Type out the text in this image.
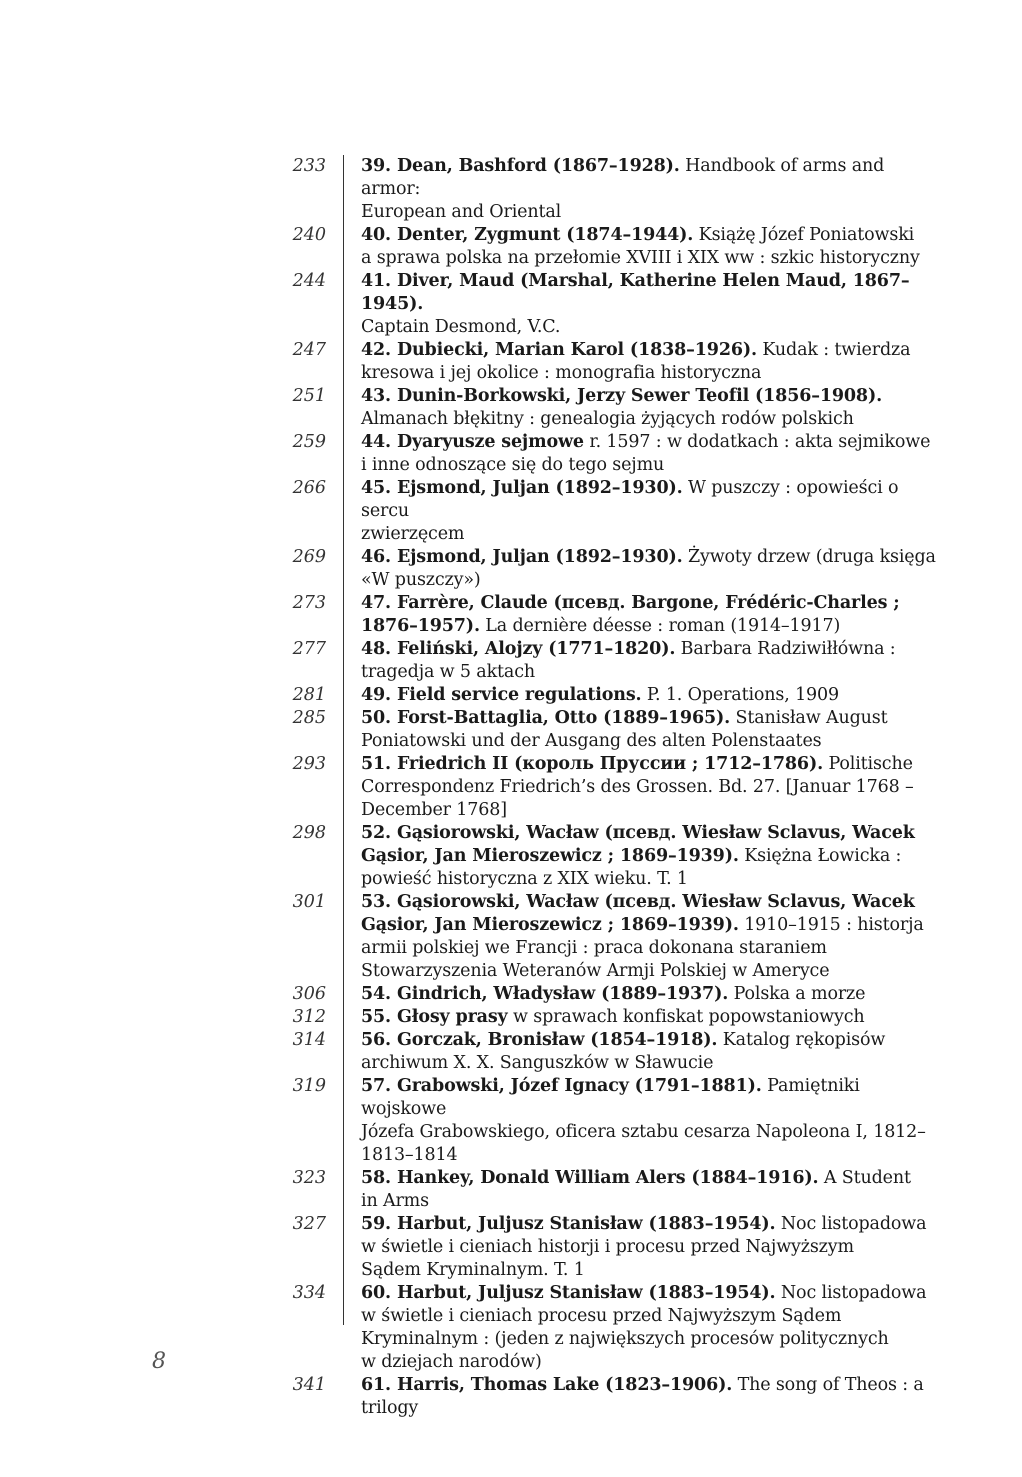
233 39. Dean, Bashford (1867–1928). Handbook of arms and armor:
European and Oriental
240 40. Denter, Zygmunt (1874–1944). Książę Józef Poniatowski
a sprawa polska na przełomie XVIII i XIX ww : szkic historyczny
244 41. Diver, Maud (Marshal, Katherine Helen Maud, 1867–1945).
Captain Desmond, V.C.
247 42. Dubiecki, Marian Karol (1838–1926). Kudak : twierdza
kresowa i jej okolice : monografia historyczna
251 43. Dunin-Borkowski, Jerzy Sewer Teofil (1856–1908).
Almanach błękitny : genealogia żyjących rodów polskich
259 44. Dyaryusze sejmowe r. 1597 : w dodatkach : akta sejmikowe
i inne odnoszące się do tego sejmu
266 45. Ejsmond, Juljan (1892–1930). W puszczy : opowieści o sercu
zwierzęcem
269 46. Ejsmond, Juljan (1892–1930). Żywoty drzew (druga księga
«W puszczy»)
273 47. Farrère, Claude (псевд. Bargone, Frédéric-Charles ;
1876–1957). La dernière déesse : roman (1914–1917)
277 48. Feliński, Alojzy (1771–1820). Barbara Radziwiłłówna :
tragedja w 5 aktach
281 49. Field service regulations. P. 1. Operations, 1909
285 50. Forst-Battaglia, Otto (1889–1965). Stanisław August
Poniatowski und der Ausgang des alten Polenstaates
293 51. Friedrich II (король Пруссии ; 1712–1786). Politische
Correspondenz Friedrich’s des Grossen. Bd. 27. [Januar 1768 –
December 1768]
298 52. Gąsiorowski, Wacław (псевд. Wiesław Sclavus, Wacek
Gąsior, Jan Mieroszewicz ; 1869–1939). Księżna Łowicka :
powieść historyczna z XIX wieku. T. 1
301 53. Gąsiorowski, Wacław (псевд. Wiesław Sclavus, Wacek
Gąsior, Jan Mieroszewicz ; 1869–1939). 1910–1915 : historja
armii polskiej we Francji : praca dokonana staraniem
Stowarzyszenia Weteranów Armji Polskiej w Ameryce
306 54. Gindrich, Władysław (1889–1937). Polska a morze
312 55. Głosy prasy w sprawach konfiskat popowstaniowych
314 56. Gorczak, Bronisław (1854–1918). Katalog rękopisów
archiwum X. X. Sanguszków w Sławucie
319 57. Grabowski, Józef Ignacy (1791–1881). Pamiętniki wojskowe
Józefa Grabowskiego, oficera sztabu cesarza Napoleona I, 1812–
1813–1814
323 58. Hankey, Donald William Alers (1884–1916). A Student
in Arms
327 59. Harbut, Juljusz Stanisław (1883–1954). Noc listopadowa
w świetle i cieniach historji i procesu przed Najwyższym
Sądem Kryminalnym. T. 1
334 60. Harbut, Juljusz Stanisław (1883–1954). Noc listopadowa
w świetle i cieniach procesu przed Najwyższym Sądem
Kryminalnym : (jeden z największych procesów politycznych
w dziejach narodów)
341 61. Harris, Thomas Lake (1823–1906). The song of Theos : a trilogy
8
